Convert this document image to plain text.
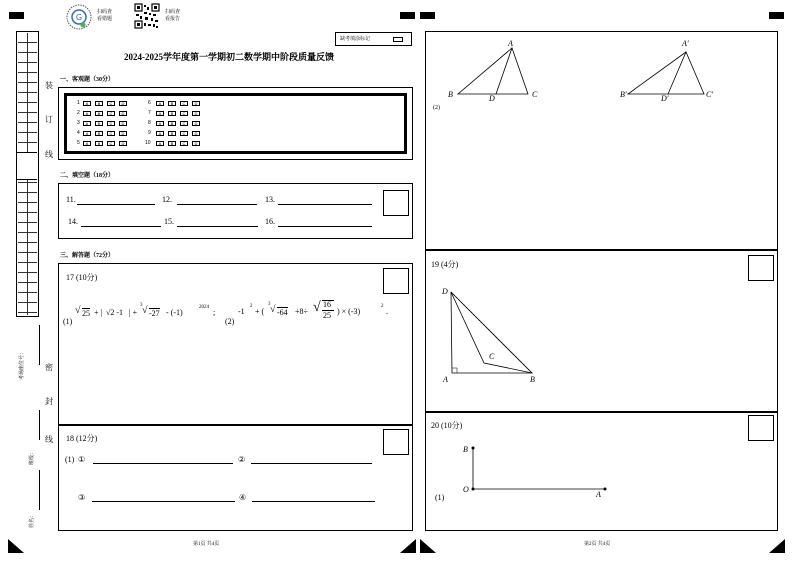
G
扫码查
看错题
扫码查
看报告
缺考填涂标记
2024-2025学年度第一学期初二数学期中阶段质量反馈
装
订
线
密
封
线
考场座位号：
班级：
姓名：
一、客观题（30分）
1	A	B	C	D
2	A	B	C	D
3	A	B	C	D
4	A	B	C	D
5	A	B	C	D
6	A	B	C	D
7	A	B	C	D
8	A	B	C	D
9	A	B	C	D
10	A	B	C	D
二、填空题（18分）
11.	12.	13.
14.	15.	16.
三、解答题（72分）
17 (10分)
(1)
√ 25 + | √2 -1 | +
3 √ -27 - (-1)
2024
;
(2)
-1
2
+ (
3 √ -64 +8÷ √ 16
25 ) × (-3)
2
.
18 (12分)
(1) ①	②
③	④
第1页 共4页
(2)
A
B	D	C
A′
B′	D′	C′
19 (4分)
D
C
A	B
20 (10分)
B
O
A
(1)
第2页 共4页
